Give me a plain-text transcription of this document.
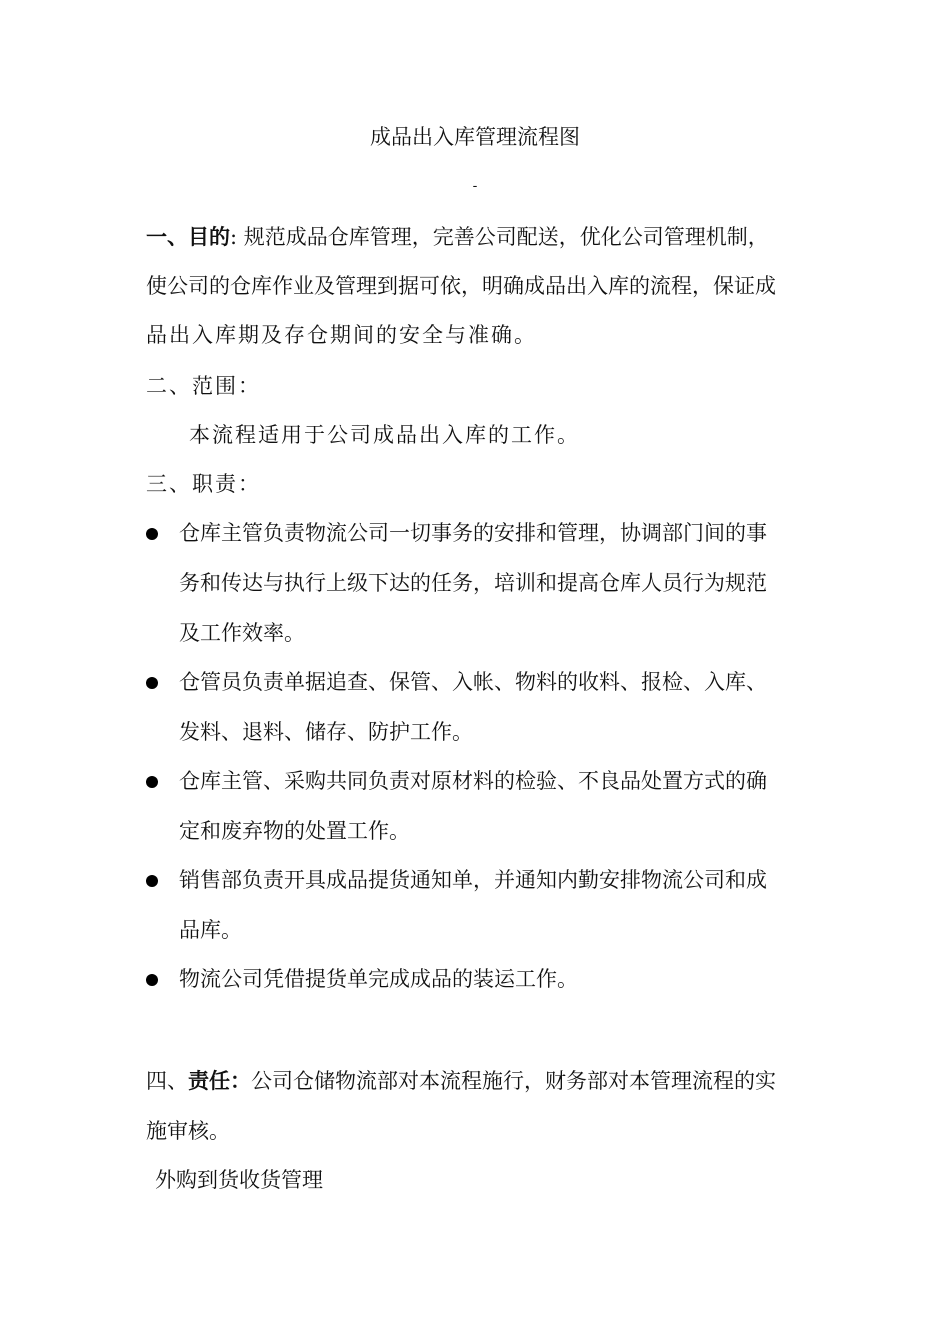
成品出入库管理流程图
-
一、目的: 规范成品仓库管理，完善公司配送，优化公司管理机制，
使公司的仓库作业及管理到据可依，明确成品出入库的流程，保证成
品出入库期及存仓期间的安全与准确。
二、范围：
本流程适用于公司成品出入库的工作。
三、职责：
仓库主管负责物流公司一切事务的安排和管理，协调部门间的事
务和传达与执行上级下达的任务，培训和提高仓库人员行为规范
及工作效率。
仓管员负责单据追查、保管、入帐、物料的收料、报检、入库、
发料、退料、储存、防护工作。
仓库主管、采购共同负责对原材料的检验、不良品处置方式的确
定和废弃物的处置工作。
销售部负责开具成品提货通知单，并通知内勤安排物流公司和成
品库。
物流公司凭借提货单完成成品的装运工作。
四、责任：公司仓储物流部对本流程施行，财务部对本管理流程的实
施审核。
外购到货收货管理
